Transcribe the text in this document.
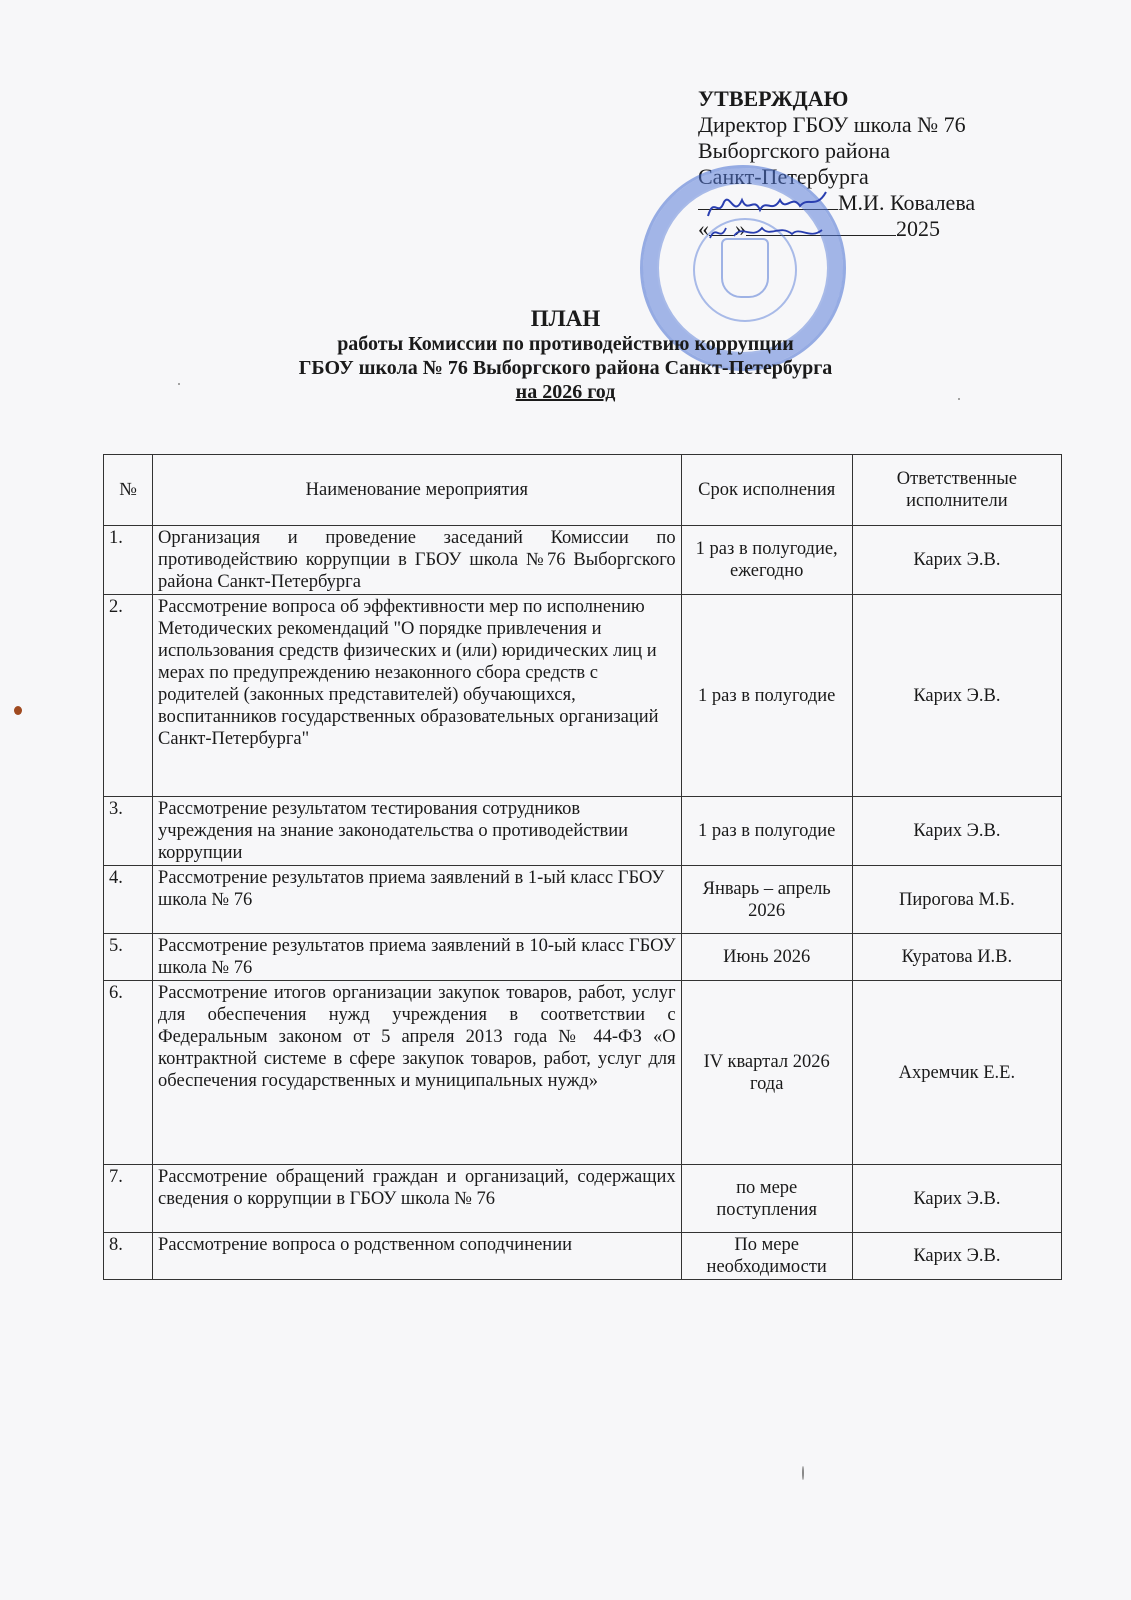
УТВЕРЖДАЮ
Директор ГБОУ школа № 76
Выборгского района
Санкт-Петербурга
М.И. Ковалева
« »	2025
ПЛАН
работы Комиссии по противодействию коррупции
ГБОУ школа № 76 Выборгского района Санкт-Петербурга
на 2026 год
№	Наименование мероприятия	Срок исполнения	Ответственные исполнители
1.	Организация и проведение заседаний Комиссии по противодействию коррупции в ГБОУ школа №76 Выборгского района Санкт-Петербурга	1 раз в полугодие, ежегодно	Карих Э.В.
2.	Рассмотрение вопроса об эффективности мер по исполнению Методических рекомендаций "О порядке привлечения и использования средств физических и (или) юридических лиц и мерах по предупреждению незаконного сбора средств с родителей (законных представителей) обучающихся, воспитанников государственных образовательных организаций Санкт-Петербурга"	1 раз в полугодие	Карих Э.В.
3.	Рассмотрение результатом тестирования сотрудников учреждения на знание законодательства о противодействии коррупции	1 раз в полугодие	Карих Э.В.
4.	Рассмотрение результатов приема заявлений в 1-ый класс ГБОУ школа № 76	Январь – апрель 2026	Пирогова М.Б.
5.	Рассмотрение результатов приема заявлений в 10-ый класс ГБОУ школа № 76	Июнь 2026	Куратова И.В.
6.	Рассмотрение итогов организации закупок товаров, работ, услуг для обеспечения нужд учреждения в соответствии с Федеральным законом от 5 апреля 2013 года № 44-ФЗ «О контрактной системе в сфере закупок товаров, работ, услуг для обеспечения государственных и муниципальных нужд»	IV квартал 2026 года	Ахремчик Е.Е.
7.	Рассмотрение обращений граждан и организаций, содержащих сведения о коррупции в ГБОУ школа № 76	по мере поступления	Карих Э.В.
8.	Рассмотрение вопроса о родственном соподчинении	По мере необходимости	Карих Э.В.
